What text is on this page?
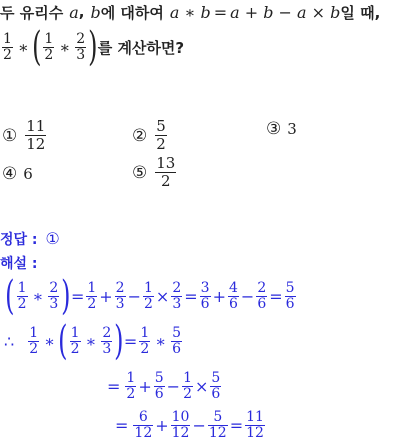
두 유리수 a , b 에 대하여 a ∗ b = a + b − a × b 일 때,
$\frac{1}{2}$ ∗ ( $\frac{1}{2}$ ∗ $\frac{2}{3}$ ) 를 계산하면?
① $\frac{11}{12}$	② $\frac{5}{2}$	③ 3
④ 6	⑤ $\frac{13}{2}$
정답 : ①
해설 :
( $\frac{1}{2}$ ∗ $\frac{2}{3}$ ) = $\frac{1}{2} + \frac{2}{3} - \frac{1}{2} \times \frac{2}{3} = \frac{3}{6} + \frac{4}{6} - \frac{2}{6} = \frac{5}{6}$
∴ $\frac{1}{2}$ ∗ ( $\frac{1}{2}$ ∗ $\frac{2}{3}$ ) = $\frac{1}{2}$ ∗ $\frac{5}{6}$
= $\frac{1}{2} + \frac{5}{6} - \frac{1}{2} \times \frac{5}{6}$
= $\frac{6}{12} + \frac{10}{12} - \frac{5}{12} = \frac{11}{12}$
